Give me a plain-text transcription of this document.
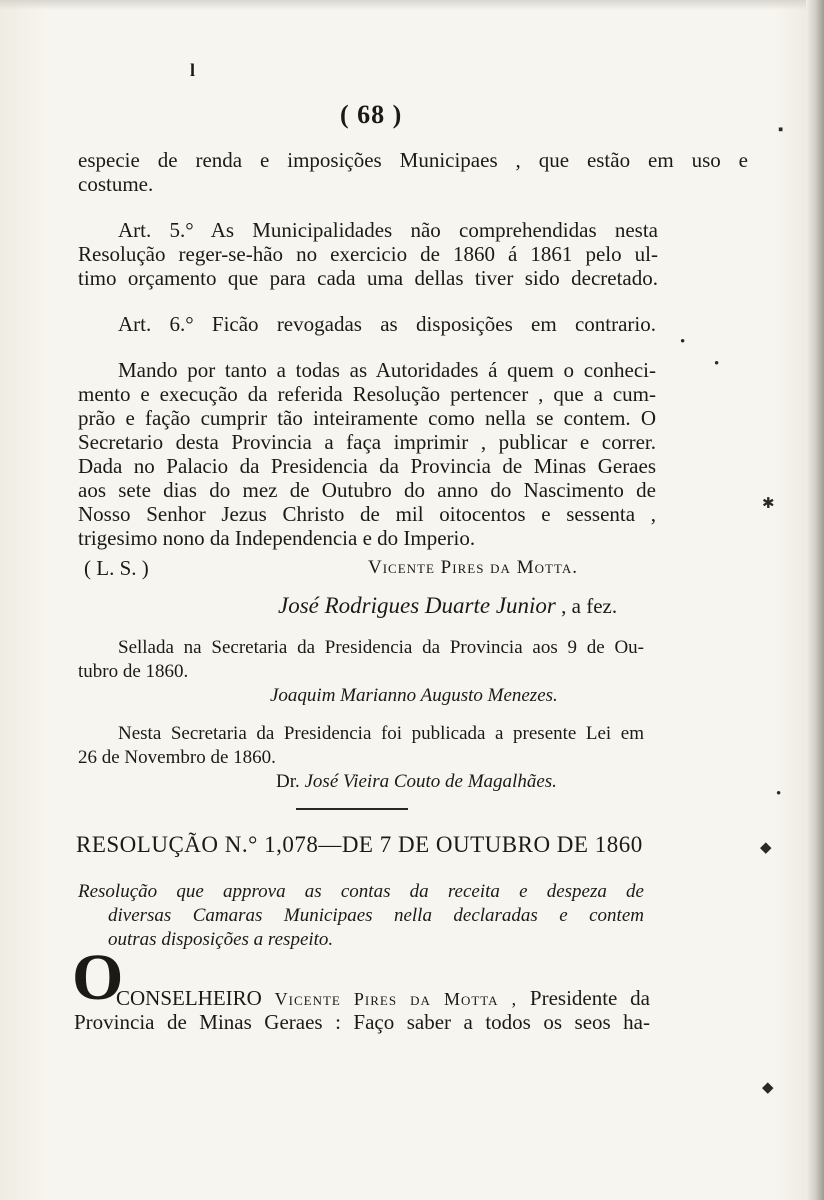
l
( 68 )
especie de renda e imposições Municipaes , que estão em uso e
costume.
Art. 5.° As Municipalidades não comprehendidas nesta
Resolução reger-se-hão no exercicio de 1860 á 1861 pelo ul-
timo orçamento que para cada uma dellas tiver sido decretado.
Art. 6.° Ficão revogadas as disposições em contrario.
Mando por tanto a todas as Autoridades á quem o conheci-
mento e execução da referida Resolução pertencer , que a cum-
prão e fação cumprir tão inteiramente como nella se contem. O
Secretario desta Provincia a faça imprimir , publicar e correr.
Dada no Palacio da Presidencia da Provincia de Minas Geraes
aos sete dias do mez de Outubro do anno do Nascimento de
Nosso Senhor Jezus Christo de mil oitocentos e sessenta ,
trigesimo nono da Independencia e do Imperio.
( L. S. )	Vicente Pires da Motta.
José Rodrigues Duarte Junior , a fez.
Sellada na Secretaria da Presidencia da Provincia aos 9 de Ou-
tubro de 1860.
Joaquim Marianno Augusto Menezes.
Nesta Secretaria da Presidencia foi publicada a presente Lei em
26 de Novembro de 1860.
Dr. José Vieira Couto de Magalhães.
RESOLUÇÃO N.° 1,078—DE 7 DE OUTUBRO DE 1860
Resolução que approva as contas da receita e despeza de
diversas Camaras Municipaes nella declaradas e contem
outras disposições a respeito.
O
CONSELHEIRO Vicente Pires da Motta , Presidente da
Provincia de Minas Geraes : Faço saber a todos os seos ha-
▪
•
•
✱
•
◆
◆
